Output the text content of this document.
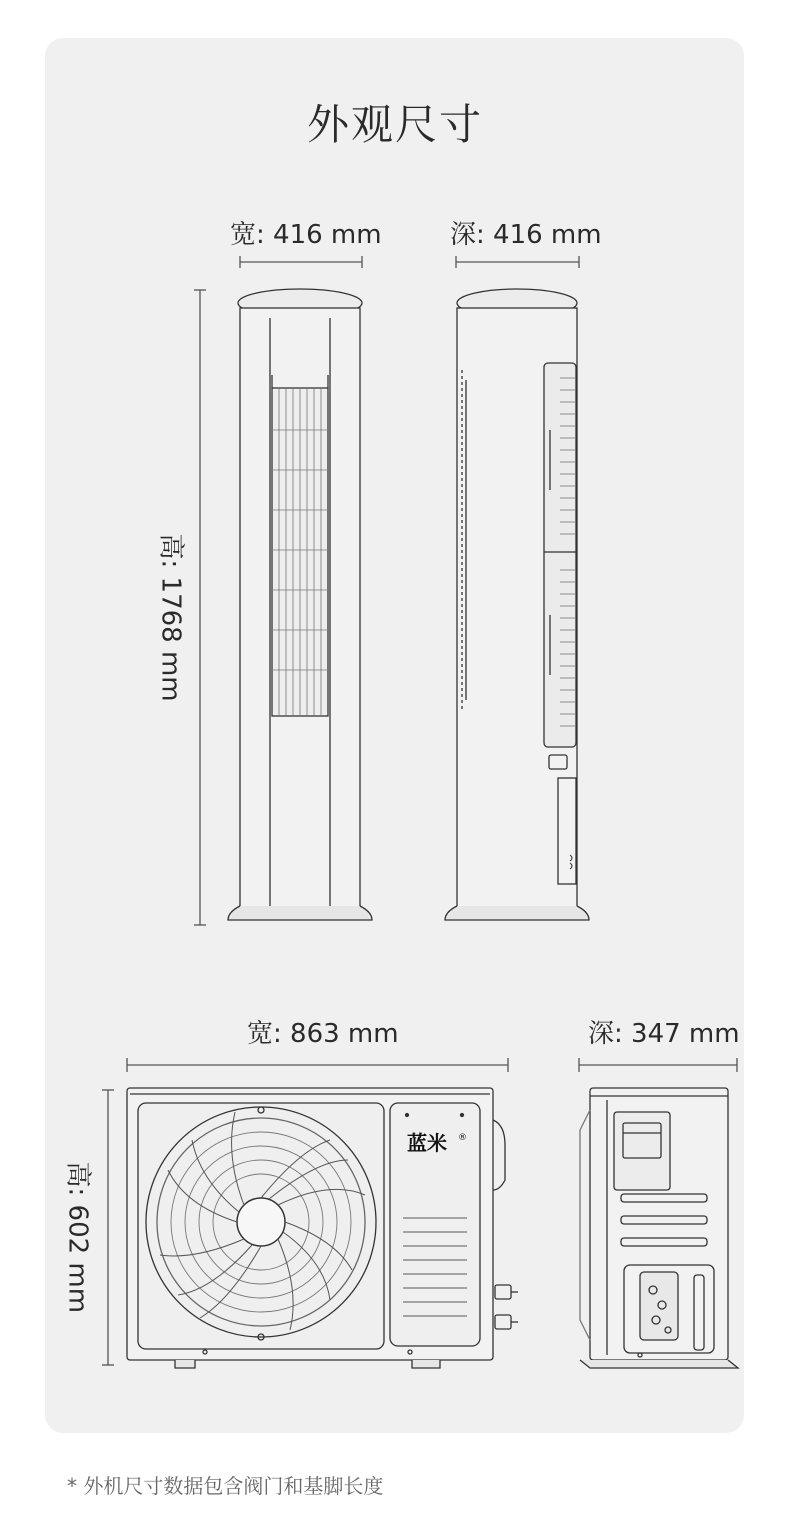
外观尺寸
宽: 416 mm	深: 416 mm
高: 1768 mm
宽: 863 mm	深: 347 mm
高: 602 mm
蓝米 ®
* 外机尺寸数据包含阀门和基脚长度
